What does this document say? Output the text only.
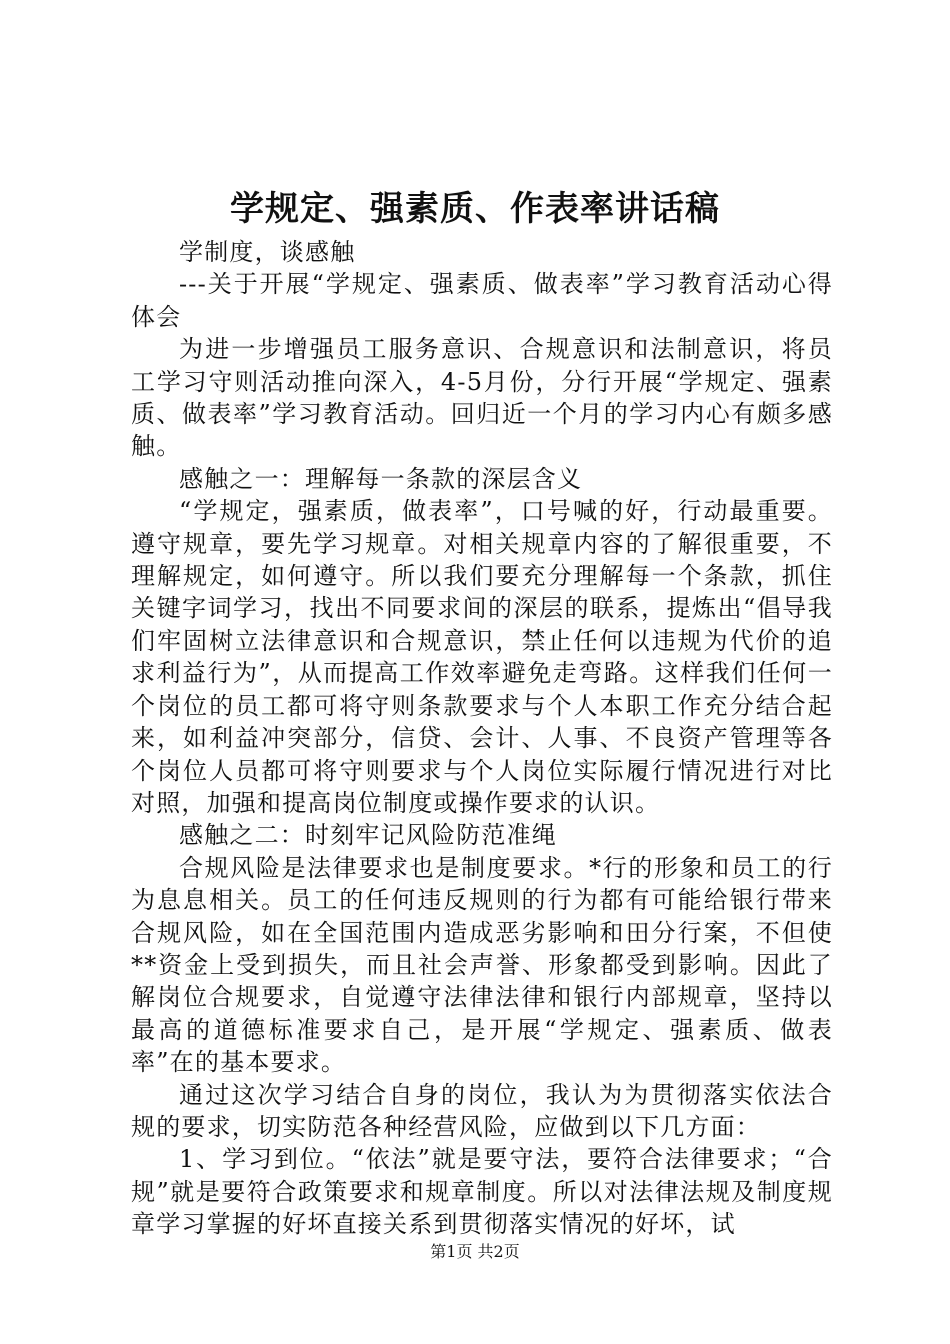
学规定、强素质、作表率讲话稿

学制度，谈感触

---关于开展“学规定、强素质、做表率”学习教育活动心得体会

为进一步增强员工服务意识、合规意识和法制意识，将员工学习守则活动推向深入，4-5月份，分行开展“学规定、强素质、做表率”学习教育活动。回归近一个月的学习内心有颇多感触。

感触之一：理解每一条款的深层含义

“学规定，强素质，做表率”，口号喊的好，行动最重要。遵守规章，要先学习规章。对相关规章内容的了解很重要，不理解规定，如何遵守。所以我们要充分理解每一个条款，抓住关键字词学习，找出不同要求间的深层的联系，提炼出“倡导我们牢固树立法律意识和合规意识，禁止任何以违规为代价的追求利益行为”，从而提高工作效率避免走弯路。这样我们任何一个岗位的员工都可将守则条款要求与个人本职工作充分结合起来，如利益冲突部分，信贷、会计、人事、不良资产管理等各个岗位人员都可将守则要求与个人岗位实际履行情况进行对比对照，加强和提高岗位制度或操作要求的认识。

感触之二：时刻牢记风险防范准绳

合规风险是法律要求也是制度要求。*行的形象和员工的行为息息相关。员工的任何违反规则的行为都有可能给银行带来合规风险，如在全国范围内造成恶劣影响和田分行案，不但使**资金上受到损失，而且社会声誉、形象都受到影响。因此了解岗位合规要求，自觉遵守法律法律和银行内部规章，坚持以最高的道德标准要求自己，是开展“学规定、强素质、做表率”在的基本要求。

通过这次学习结合自身的岗位，我认为为贯彻落实依法合规的要求，切实防范各种经营风险，应做到以下几方面：

1、学习到位。“依法”就是要守法，要符合法律要求；“合规”就是要符合政策要求和规章制度。所以对法律法规及制度规章学习掌握的好坏直接关系到贯彻落实情况的好坏，试

第1页 共2页
